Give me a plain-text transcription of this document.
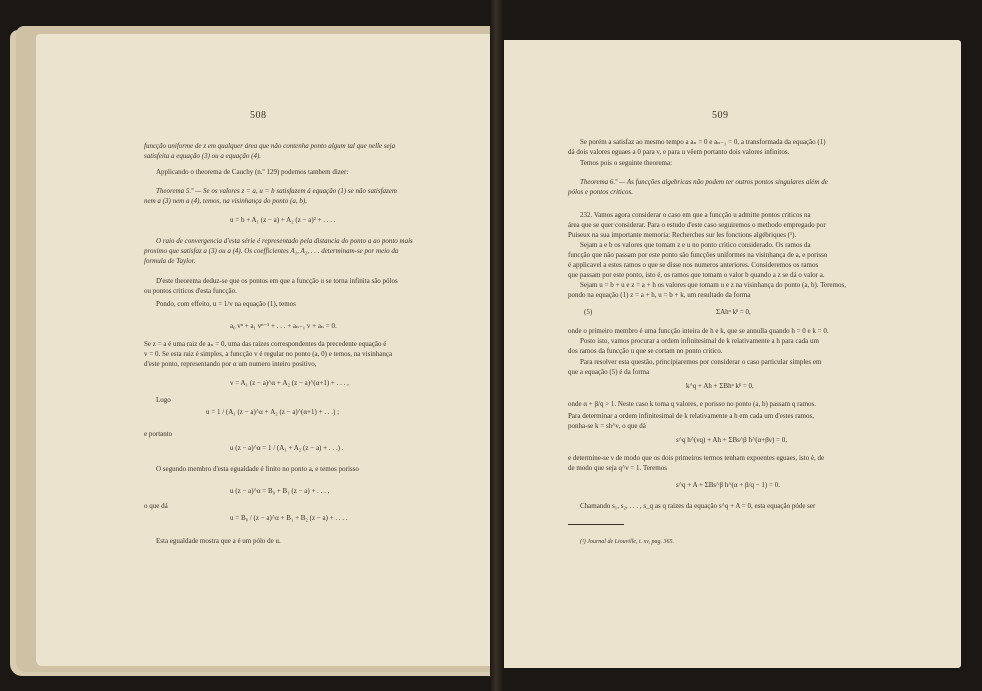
508
funcção uniforme de z em qualquer área que não contenha ponto algum tal que nelle seja
satisfeita a equação (3) ou a equação (4).
Applicando o theorema de Cauchy (n.º 129) podemos tambem dizer:
Theorema 5.º — Se os valores z = a, u = b satisfazem á equação (1) se não satisfazem
nem a (3) nem a (4), temos, na visinhança do ponto (a, b),
u = b + A₁ (z − a) + A₂ (z − a)² + . . . .
O raio de convergencia d'esta série é representado pela distancia do ponto a ao ponto mais
proximo que satisfaz a (3) ou a (4). Os coefficientes A₁, A₂, . . . determinam-se por meio da
formula de Taylor.
D'este theorema deduz-se que os pontos em que a funcção u se torna infinita são pólos
ou pontos criticos d'esta funcção.
Pondo, com effeito, u = 1/v na equação (1), temos
a₀ vⁿ + a₁ vⁿ⁻¹ + . . . + aₙ₋₁ v + aₙ = 0.
Se z = a é uma raiz de aₙ = 0, uma das raizes correspondentes da precedente equação é
v = 0. Se esta raiz é simples, a funcção v é regular no ponto (a, 0) e temos, na visinhança
d'este ponto, representando por α um numero inteiro positivo,
v = A₁ (z − a)^α + A₂ (z − a)^(α+1) + . . . ,
Logo
u = 1 / (A₁ (z − a)^α + A₂ (z − a)^(α+1) + . . .) ;
e portanto
u (z − a)^α = 1 / (A₁ + A₂ (z − a) + . . .) .
O segundo membro d'esta egualdade é finito no ponto a, e temos porisso
u (z − a)^α = B₀ + B₁ (z − a) + . . . ,
o que dá
u = B₀ / (z − a)^α + B₁ + B₂ (z − a) + . . . .
Esta egualdade mostra que a é um pólo de u.
509
Se porém a satisfaz ao mesmo tempo a aₙ = 0 e aₙ₋₁ = 0, a transformada da equação (1)
dá dois valores eguaes a 0 para v, e para u vêem portanto dois valores infinitos.
Temos pois o seguinte theorema:
Theorema 6.º — As funcções algebricas não podem ter outros pontos singulares além de
pólos e pontos criticos.
232. Vamos agora considerar o caso em que a funcção u admitte pontos criticos na
área que se quer considerar. Para o estudo d'este caso seguiremos o methodo empregado por
Puiseux na sua importante memoria: Recherches sur les fonctions algébriques (¹).
Sejam a e b os valores que tomam z e u no ponto critico considerado. Os ramos da
funcção que não passam por este ponto são funcções uniformes na visinhança de a, e porisso
é applicavel a estes ramos o que se disse nos numeros anteriores. Consideremos os ramos
que passam por este ponto, isto é, os ramos que tomam o valor b quando a z se dá o valor a.
Sejam u = b + u e z = a + h os valores que tomam u e z na visinhança do ponto (a, b). Teremos,
pondo na equação (1) z = a + h, u = b + k, um resultado da forma
(5)	ΣAhᵅ kᵝ = 0,
onde o primeiro membro é uma funcção inteira de h e k, que se annulla quando h = 0 e k = 0.
Posto isto, vamos procurar a ordem infinitesimal de k relativamente a h para cada um
dos ramos da funcção u que se cortam no ponto critico.
Para resolver esta questão, principiaremos por considerar o caso particular simples em
que a equação (5) é da forma
k^q + Ah + ΣBhᵅ kᵝ = 0,
onde α + β/q > 1. Neste caso k toma q valores, e porisso no ponto (a, b) passam q ramos.
Para determinar a ordem infinitesimal de k relativamente a h em cada um d'estes ramos,
ponha-se k = sh^ν, o que dá
s^q h^(νq) + Ah + ΣBs^β h^(α+βν) = 0,
e determine-se ν de modo que os dois primeiros termos tenham expoentes eguaes, isto é, de
de modo que seja q^ν = 1. Teremos
s^q + A + ΣBs^β h^(α + β/q − 1) = 0.
Chamando s₁, s₂, . . . , s_q as q raizes da equação s^q + A = 0, esta equação póde ser
(¹) Journal de Liouville, t. xv, pag. 365.
